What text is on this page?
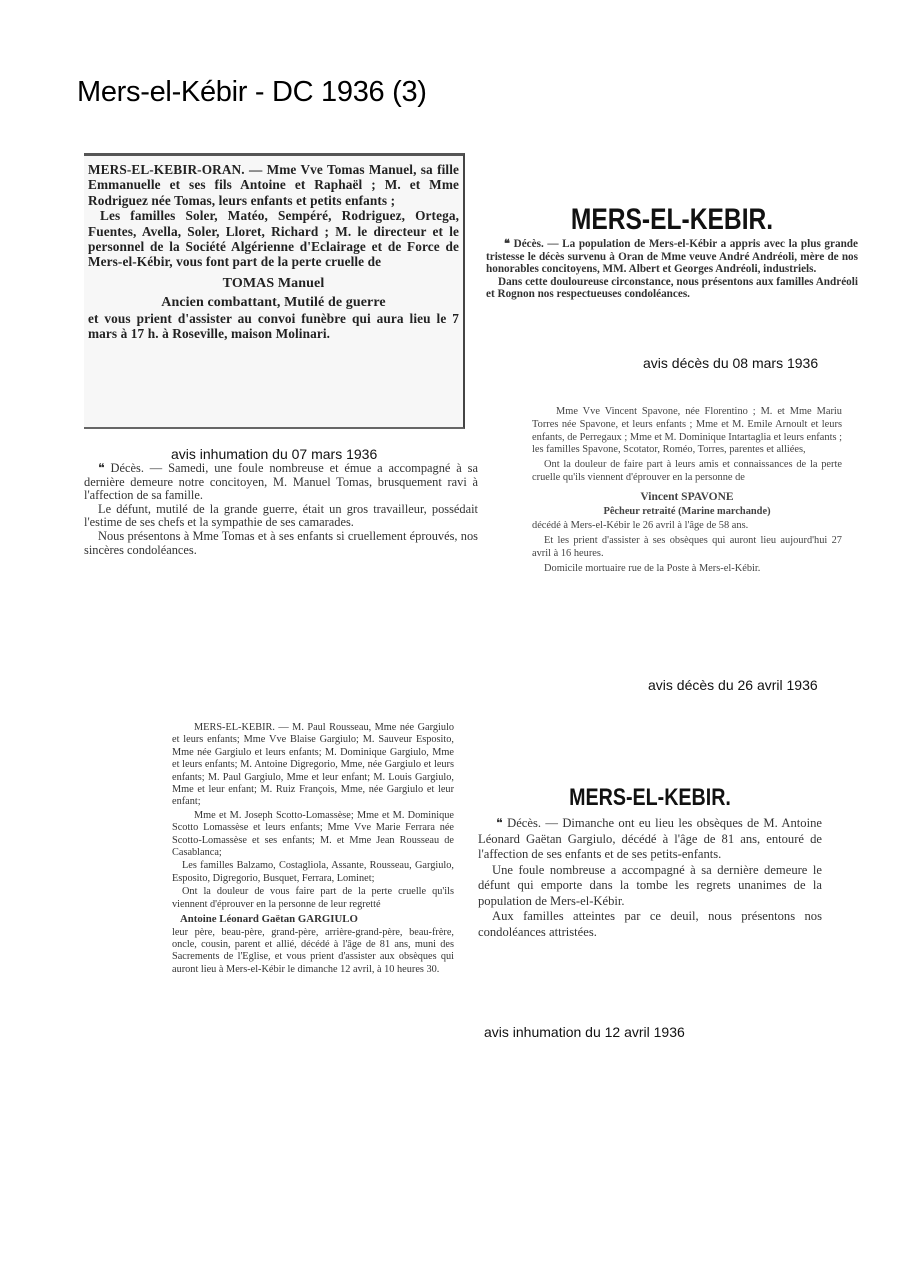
Mers-el-Kébir - DC 1936 (3)

MERS-EL-KEBIR-ORAN. — Mme Vve Tomas Manuel, sa fille Emmanuelle et ses fils Antoine et Raphaël ; M. et Mme Rodriguez née Tomas, leurs enfants et petits enfants ;

Les familles Soler, Matéo, Sempéré, Rodriguez, Ortega, Fuentes, Avella, Soler, Lloret, Richard ; M. le directeur et le personnel de la Société Algérienne d'Eclairage et de Force de Mers-el-Kébir, vous font part de la perte cruelle de

TOMAS Manuel

Ancien combattant, Mutilé de guerre

et vous prient d'assister au convoi funèbre qui aura lieu le 7 mars à 17 h. à Roseville, maison Molinari.

avis inhumation du 07 mars 1936
MERS-EL-KEBIR.

❝ Décès. — La population de Mers-el-Kébir a appris avec la plus grande tristesse le décès survenu à Oran de Mme veuve André Andréoli, mère de nos honorables concitoyens, MM. Albert et Georges Andréoli, industriels.

Dans cette douloureuse circonstance, nous présentons aux familles Andréoli et Rognon nos respectueuses condoléances.

avis décès du 08 mars 1936

❝ Décès. — Samedi, une foule nombreuse et émue a accompagné à sa dernière demeure notre concitoyen, M. Manuel Tomas, brusquement ravi à l'affection de sa famille.

Le défunt, mutilé de la grande guerre, était un gros travailleur, possédait l'estime de ses chefs et la sympathie de ses camarades.

Nous présentons à Mme Tomas et à ses enfants si cruellement éprouvés, nos sincères condoléances.

Mme Vve Vincent Spavone, née Florentino ; M. et Mme Mariu Torres née Spavone, et leurs enfants ; Mme et M. Emile Arnoult et leurs enfants, de Perregaux ; Mme et M. Dominique Intartaglia et leurs enfants ; les familles Spavone, Scotator, Roméo, Torres, parentes et alliées,

Ont la douleur de faire part à leurs amis et connaissances de la perte cruelle qu'ils viennent d'éprouver en la personne de

Vincent SPAVONE

Pêcheur retraité (Marine marchande)

décédé à Mers-el-Kébir le 26 avril à l'âge de 58 ans.

Et les prient d'assister à ses obsèques qui auront lieu aujourd'hui 27 avril à 16 heures.

Domicile mortuaire rue de la Poste à Mers-el-Kébir.

avis décès du 26 avril 1936

MERS-EL-KEBIR. — M. Paul Rousseau, Mme née Gargiulo et leurs enfants; Mme Vve Blaise Gargiulo; M. Sauveur Esposito, Mme née Gargiulo et leurs enfants; M. Dominique Gargiulo, Mme et leurs enfants; M. Antoine Digregorio, Mme, née Gargiulo et leurs enfants; M. Paul Gargiulo, Mme et leur enfant; M. Louis Gargiulo, Mme et leur enfant; M. Ruiz François, Mme, née Gargiulo et leur enfant;

Mme et M. Joseph Scotto-Lomassèse; Mme et M. Dominique Scotto Lomassèse et leurs enfants; Mme Vve Marie Ferrara née Scotto-Lomassèse et ses enfants; M. et Mme Jean Rousseau de Casablanca;

Les familles Balzamo, Costagliola, Assante, Rousseau, Gargiulo, Esposito, Digregorio, Busquet, Ferrara, Lominet;

Ont la douleur de vous faire part de la perte cruelle qu'ils viennent d'éprouver en la personne de leur regretté

Antoine Léonard Gaëtan GARGIULO

leur père, beau-père, grand-père, arrière-grand-père, beau-frère, oncle, cousin, parent et allié, décédé à l'âge de 81 ans, muni des Sacrements de l'Eglise, et vous prient d'assister aux obsèques qui auront lieu à Mers-el-Kébir le dimanche 12 avril, à 10 heures 30.

MERS-EL-KEBIR.

❝ Décès. — Dimanche ont eu lieu les obsèques de M. Antoine Léonard Gaëtan Gargiulo, décédé à l'âge de 81 ans, entouré de l'affection de ses enfants et de ses petits-enfants.

Une foule nombreuse a accompagné à sa dernière demeure le défunt qui emporte dans la tombe les regrets unanimes de la population de Mers-el-Kébir.

Aux familles atteintes par ce deuil, nous présentons nos condoléances attristées.

avis inhumation du 12 avril 1936
